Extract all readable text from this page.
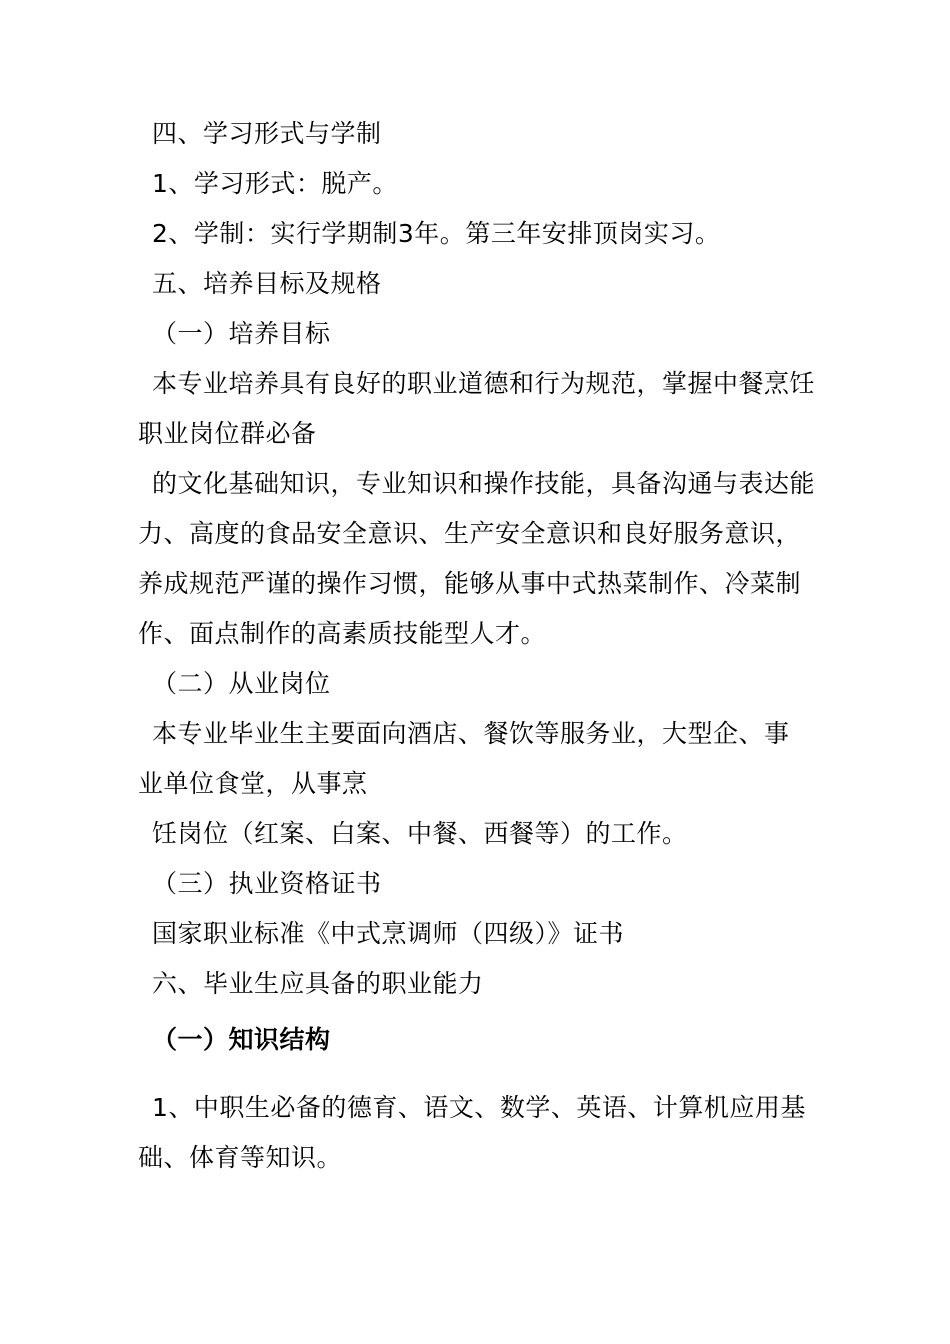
四、学习形式与学制
1、学习形式：脱产。
2、学制：实行学期制3年。第三年安排顶岗实习。
五、培养目标及规格
（一）培养目标
本专业培养具有良好的职业道德和行为规范，掌握中餐烹饪
职业岗位群必备
的文化基础知识，专业知识和操作技能，具备沟通与表达能
力、高度的食品安全意识、生产安全意识和良好服务意识，
养成规范严谨的操作习惯，能够从事中式热菜制作、冷菜制
作、面点制作的高素质技能型人才。
（二）从业岗位
本专业毕业生主要面向酒店、餐饮等服务业，大型企、事
业单位食堂，从事烹
饪岗位（红案、白案、中餐、西餐等）的工作。
（三）执业资格证书
国家职业标准《中式烹调师（四级）》证书
六、毕业生应具备的职业能力
（一）知识结构
1、中职生必备的德育、语文、数学、英语、计算机应用基
础、体育等知识。
